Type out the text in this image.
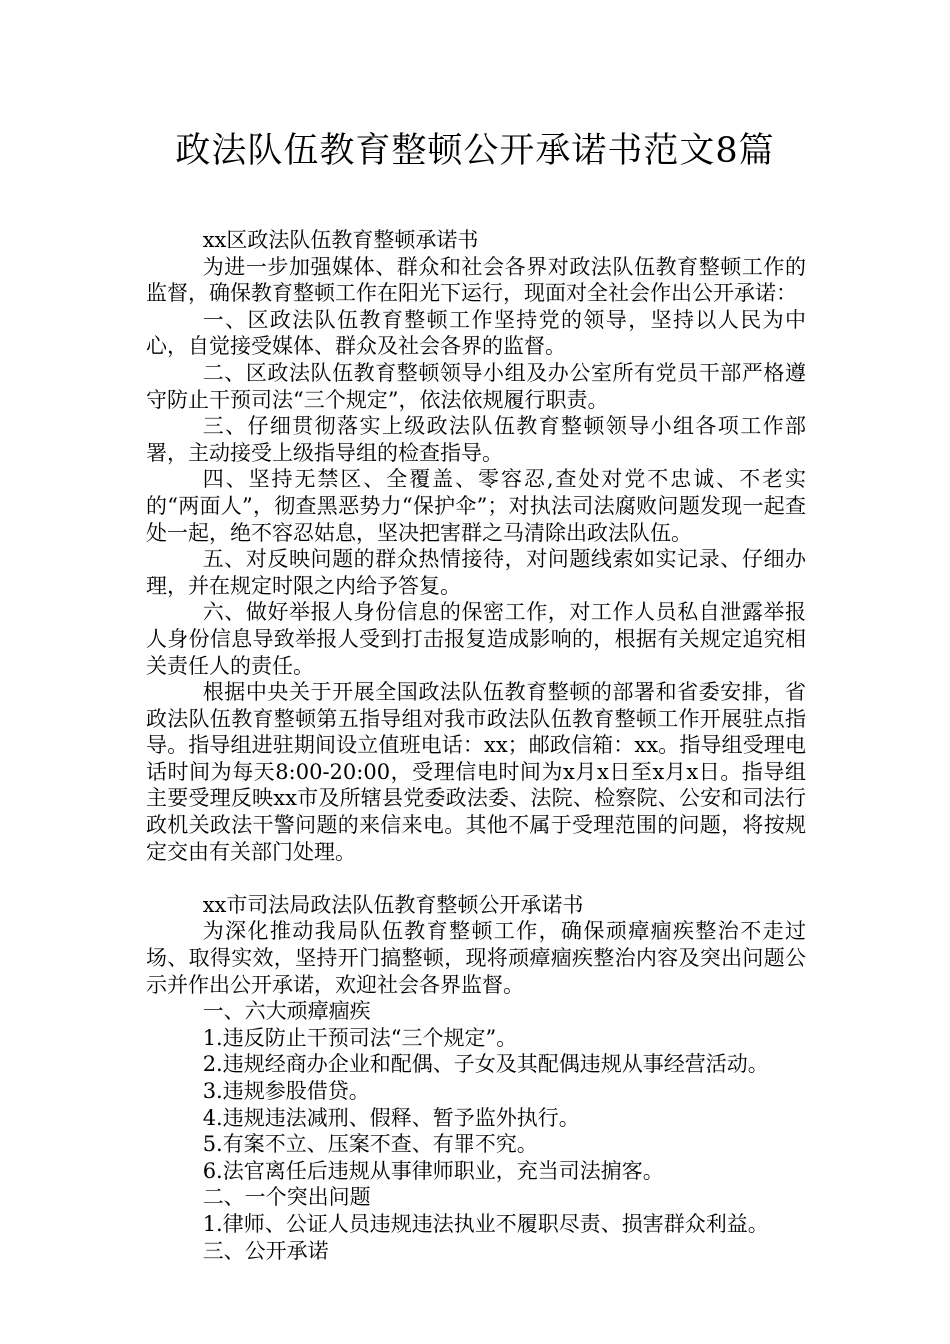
政法队伍教育整顿公开承诺书范文8篇

xx区政法队伍教育整顿承诺书

为进一步加强媒体、群众和社会各界对政法队伍教育整顿工作的监督，确保教育整顿工作在阳光下运行，现面对全社会作出公开承诺：

一、区政法队伍教育整顿工作坚持党的领导，坚持以人民为中心，自觉接受媒体、群众及社会各界的监督。

二、区政法队伍教育整顿领导小组及办公室所有党员干部严格遵守防止干预司法“三个规定”，依法依规履行职责。

三、仔细贯彻落实上级政法队伍教育整顿领导小组各项工作部署，主动接受上级指导组的检查指导。

四、坚持无禁区、全覆盖、零容忍,查处对党不忠诚、不老实的“两面人”，彻查黑恶势力“保护伞”；对执法司法腐败问题发现一起查处一起，绝不容忍姑息，坚决把害群之马清除出政法队伍。

五、对反映问题的群众热情接待，对问题线索如实记录、仔细办理，并在规定时限之内给予答复。

六、做好举报人身份信息的保密工作，对工作人员私自泄露举报人身份信息导致举报人受到打击报复造成影响的，根据有关规定追究相关责任人的责任。

根据中央关于开展全国政法队伍教育整顿的部署和省委安排，省政法队伍教育整顿第五指导组对我市政法队伍教育整顿工作开展驻点指导。指导组进驻期间设立值班电话：xx；邮政信箱：xx。指导组受理电话时间为每天8:00-20:00，受理信电时间为x月x日至x月x日。指导组主要受理反映xx市及所辖县党委政法委、法院、检察院、公安和司法行政机关政法干警问题的来信来电。其他不属于受理范围的问题，将按规定交由有关部门处理。

xx市司法局政法队伍教育整顿公开承诺书

为深化推动我局队伍教育整顿工作，确保顽瘴痼疾整治不走过场、取得实效，坚持开门搞整顿，现将顽瘴痼疾整治内容及突出问题公示并作出公开承诺，欢迎社会各界监督。

一、六大顽瘴痼疾

1.违反防止干预司法“三个规定”。

2.违规经商办企业和配偶、子女及其配偶违规从事经营活动。

3.违规参股借贷。

4.违规违法减刑、假释、暂予监外执行。

5.有案不立、压案不查、有罪不究。

6.法官离任后违规从事律师职业，充当司法掮客。

二、一个突出问题

1.律师、公证人员违规违法执业不履职尽责、损害群众利益。

三、公开承诺
